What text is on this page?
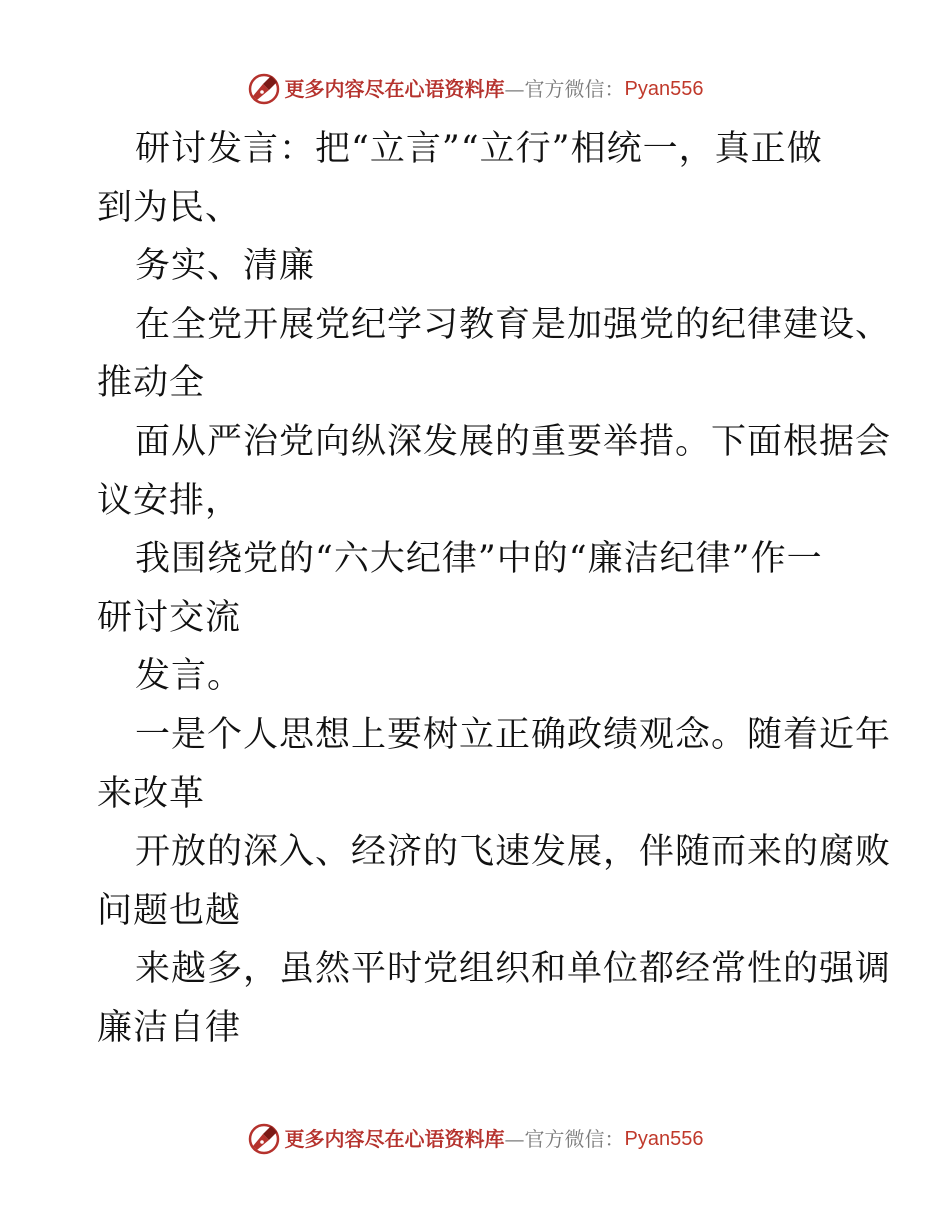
更多内容尽在心语资料库 — 官方微信： Pyan556
研讨发言：把“立言”“立行”相统一，真正做
到为民、
务实、清廉
在全党开展党纪学习教育是加强党的纪律建设、
推动全
面从严治党向纵深发展的重要举措。下面根据会
议安排，
我围绕党的“六大纪律”中的“廉洁纪律”作一
研讨交流
发言。
一是个人思想上要树立正确政绩观念。随着近年
来改革
开放的深入、经济的飞速发展，伴随而来的腐败
问题也越
来越多，虽然平时党组织和单位都经常性的强调
廉洁自律
更多内容尽在心语资料库 — 官方微信： Pyan556
